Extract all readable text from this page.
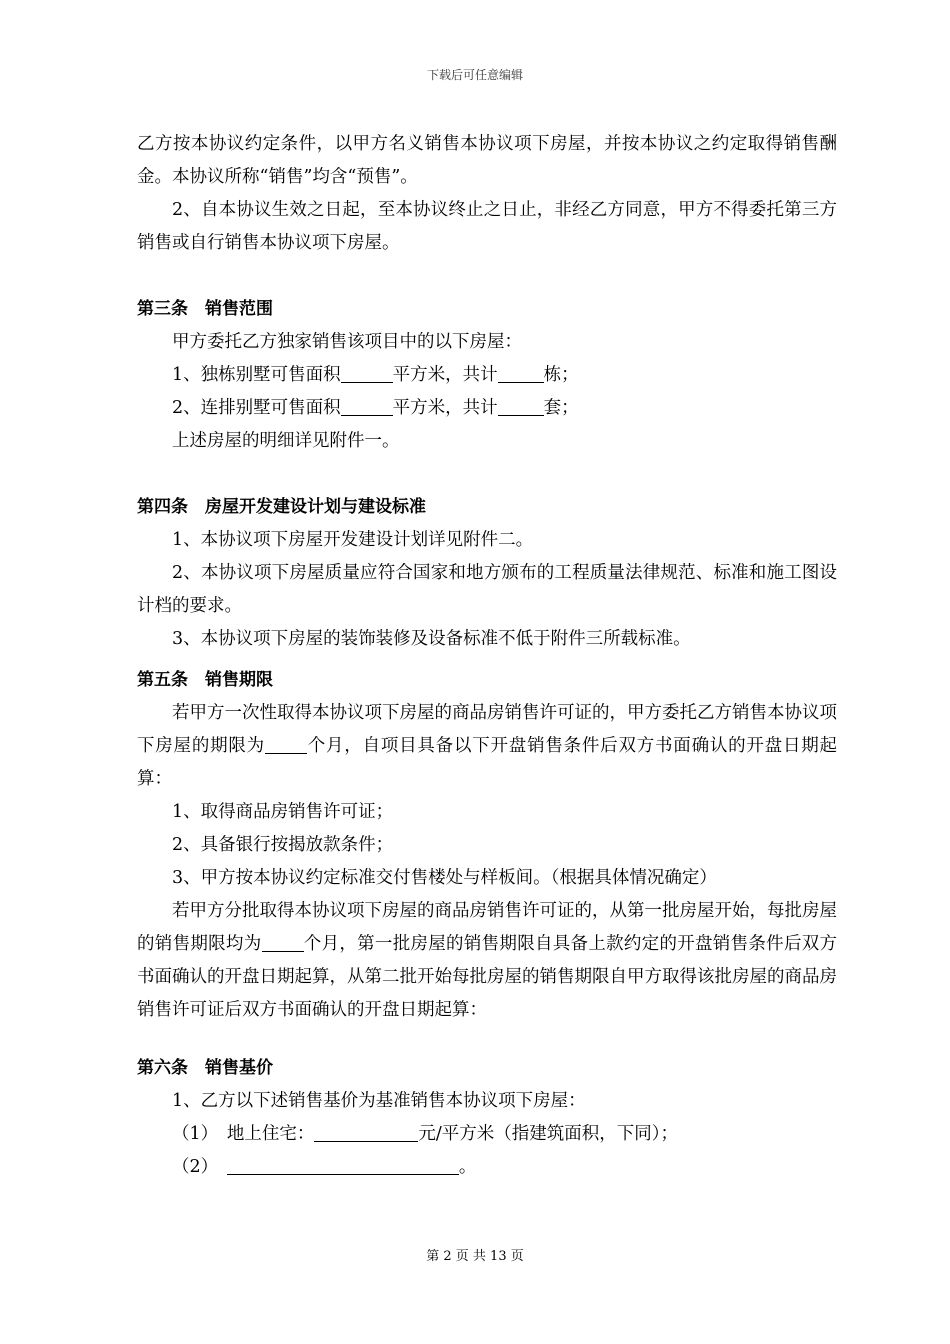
下载后可任意编辑

乙方按本协议约定条件，以甲方名义销售本协议项下房屋，并按本协议之约定取得销售酬金。本协议所称“销售”均含“预售”。

2、自本协议生效之日起，至本协议终止之日止，非经乙方同意，甲方不得委托第三方销售或自行销售本协议项下房屋。

第三条　销售范围

甲方委托乙方独家销售该项目中的以下房屋：

1、独栋别墅可售面积	平方米，共计	栋；

2、连排别墅可售面积	平方米，共计	套；

上述房屋的明细详见附件一。

第四条　房屋开发建设计划与建设标准

1、本协议项下房屋开发建设计划详见附件二。

2、本协议项下房屋质量应符合国家和地方颁布的工程质量法律规范、标准和施工图设计档的要求。

3、本协议项下房屋的装饰装修及设备标准不低于附件三所载标准。

第五条　销售期限

若甲方一次性取得本协议项下房屋的商品房销售许可证的，甲方委托乙方销售本协议项下房屋的期限为 个月，自项目具备以下开盘销售条件后双方书面确认的开盘日期起算：

1、取得商品房销售许可证；

2、具备银行按揭放款条件；

3、甲方按本协议约定标准交付售楼处与样板间。（根据具体情况确定）

若甲方分批取得本协议项下房屋的商品房销售许可证的，从第一批房屋开始，每批房屋的销售期限均为 个月，第一批房屋的销售期限自具备上款约定的开盘销售条件后双方书面确认的开盘日期起算，从第二批开始每批房屋的销售期限自甲方取得该批房屋的商品房销售许可证后双方书面确认的开盘日期起算：

第六条　销售基价

1、乙方以下述销售基价为基准销售本协议项下房屋：

（1）　地上住宅：	元/平方米（指建筑面积，下同）；

（2）　	。

第 2 页 共 13 页
